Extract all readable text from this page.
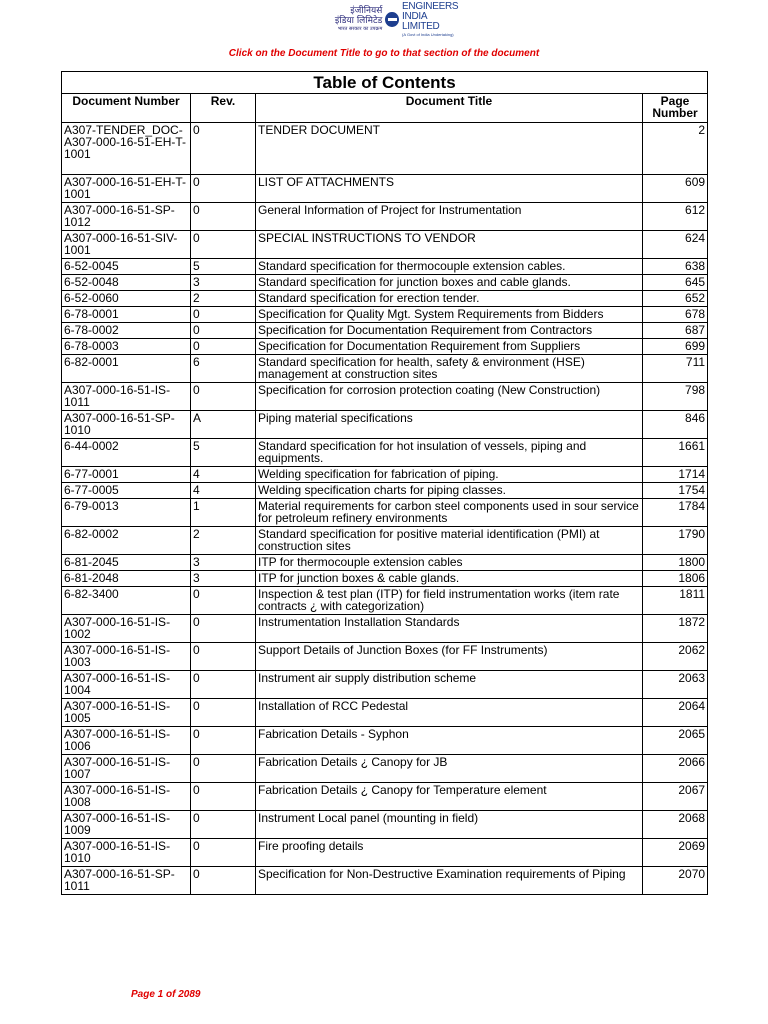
इंजीनियर्स
इंडिया लिमिटेड
भारत सरकार का उपक्रम
ENGINEERS
INDIA LIMITED
(A Govt of India Undertaking)
Click on the Document Title to go to that section of the document
Table of Contents			
Document Number	Rev.	Document Title	Page Number
A307-TENDER_DOC-A307-000-16-51-EH-T-1001	0	TENDER DOCUMENT	2
A307-000-16-51-EH-T-1001	0	LIST OF ATTACHMENTS	609
A307-000-16-51-SP-1012	0	General Information of Project for Instrumentation	612
A307-000-16-51-SIV-1001	0	SPECIAL INSTRUCTIONS TO VENDOR	624
6-52-0045	5	Standard specification for thermocouple extension cables.	638
6-52-0048	3	Standard specification for junction boxes and cable glands.	645
6-52-0060	2	Standard specification for erection tender.	652
6-78-0001	0	Specification for Quality Mgt. System Requirements from Bidders	678
6-78-0002	0	Specification for Documentation Requirement from Contractors	687
6-78-0003	0	Specification for Documentation Requirement from Suppliers	699
6-82-0001	6	Standard specification for health, safety & environment (HSE) management at construction sites	711
A307-000-16-51-IS-1011	0	Specification for corrosion protection coating (New Construction)	798
A307-000-16-51-SP-1010	A	Piping material specifications	846
6-44-0002	5	Standard specification for hot insulation of vessels, piping and equipments.	1661
6-77-0001	4	Welding specification for fabrication of piping.	1714
6-77-0005	4	Welding specification charts for piping classes.	1754
6-79-0013	1	Material requirements for carbon steel components used in sour service for petroleum refinery environments	1784
6-82-0002	2	Standard specification for positive material identification (PMI) at construction sites	1790
6-81-2045	3	ITP for thermocouple extension cables	1800
6-81-2048	3	ITP for junction boxes & cable glands.	1806
6-82-3400	0	Inspection & test plan (ITP) for field instrumentation works (item rate contracts ¿ with categorization)	1811
A307-000-16-51-IS-1002	0	Instrumentation Installation Standards	1872
A307-000-16-51-IS-1003	0	Support Details of Junction Boxes (for FF Instruments)	2062
A307-000-16-51-IS-1004	0	Instrument air supply distribution scheme	2063
A307-000-16-51-IS-1005	0	Installation of RCC Pedestal	2064
A307-000-16-51-IS-1006	0	Fabrication Details - Syphon	2065
A307-000-16-51-IS-1007	0	Fabrication Details ¿ Canopy for JB	2066
A307-000-16-51-IS-1008	0	Fabrication Details ¿ Canopy for Temperature element	2067
A307-000-16-51-IS-1009	0	Instrument Local panel (mounting in field)	2068
A307-000-16-51-IS-1010	0	Fire proofing details	2069
A307-000-16-51-SP-1011	0	Specification for Non-Destructive Examination requirements of Piping	2070
Page 1 of 2089
